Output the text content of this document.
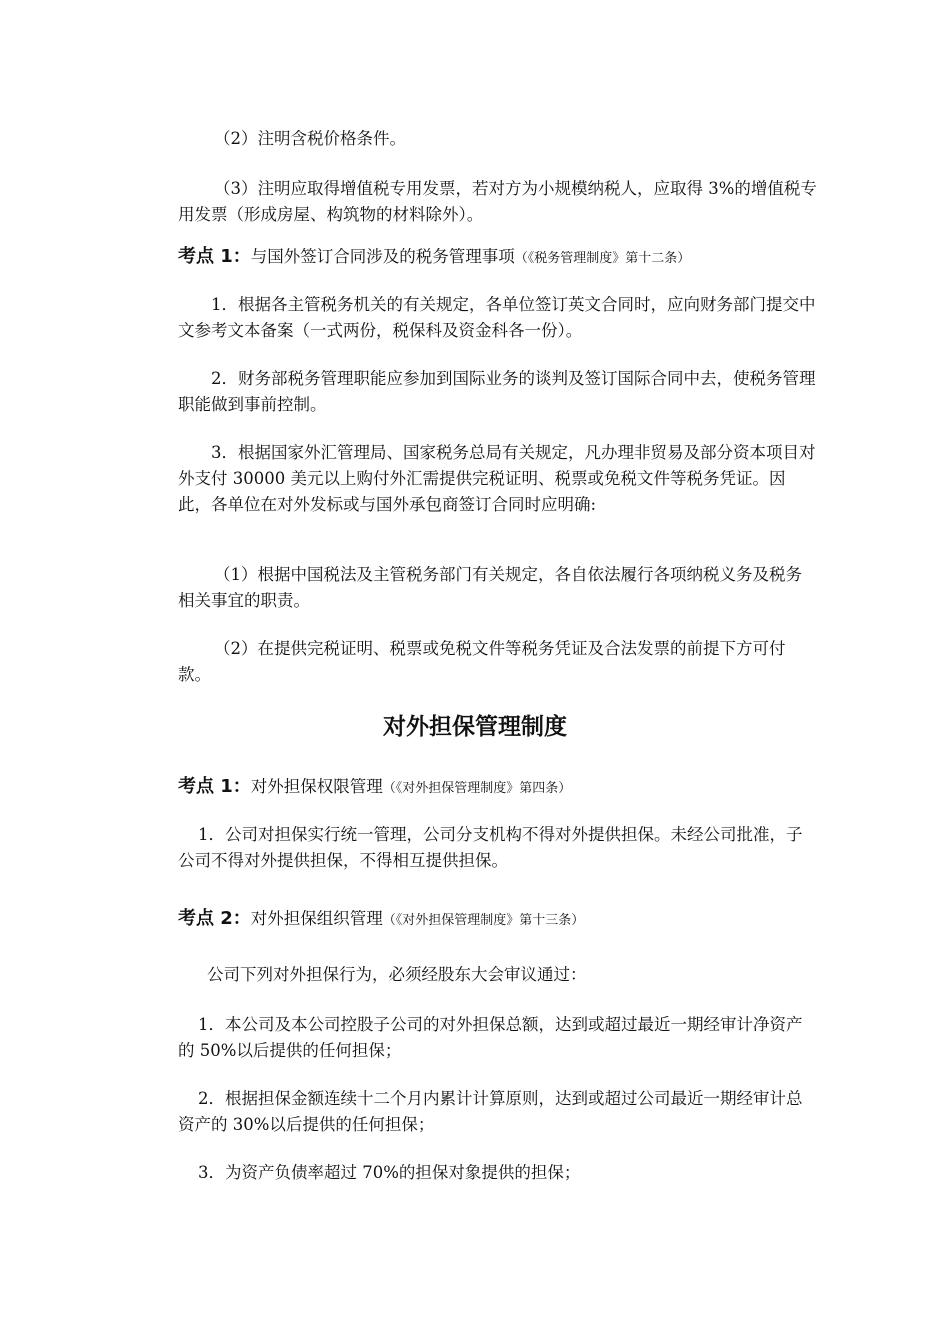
（2）注明含税价格条件。

（3）注明应取得增值税专用发票，若对方为小规模纳税人，应取得 3%的增值税专用发票（形成房屋、构筑物的材料除外）。

考点 1：与国外签订合同涉及的税务管理事项（《税务管理制度》第十二条）

1．根据各主管税务机关的有关规定，各单位签订英文合同时，应向财务部门提交中文参考文本备案（一式两份，税保科及资金科各一份）。

2．财务部税务管理职能应参加到国际业务的谈判及签订国际合同中去，使税务管理职能做到事前控制。

3．根据国家外汇管理局、国家税务总局有关规定，凡办理非贸易及部分资本项目对外支付 30000 美元以上购付外汇需提供完税证明、税票或免税文件等税务凭证。因此，各单位在对外发标或与国外承包商签订合同时应明确:

（1）根据中国税法及主管税务部门有关规定，各自依法履行各项纳税义务及税务相关事宜的职责。

（2）在提供完税证明、税票或免税文件等税务凭证及合法发票的前提下方可付款。

对外担保管理制度

考点 1：对外担保权限管理（《对外担保管理制度》第四条）

1．公司对担保实行统一管理，公司分支机构不得对外提供担保。未经公司批准，子公司不得对外提供担保，不得相互提供担保。

考点 2：对外担保组织管理（《对外担保管理制度》第十三条）

公司下列对外担保行为，必须经股东大会审议通过：

1．本公司及本公司控股子公司的对外担保总额，达到或超过最近一期经审计净资产的 50%以后提供的任何担保；

2．根据担保金额连续十二个月内累计计算原则，达到或超过公司最近一期经审计总资产的 30%以后提供的任何担保；

3．为资产负债率超过 70%的担保对象提供的担保；
